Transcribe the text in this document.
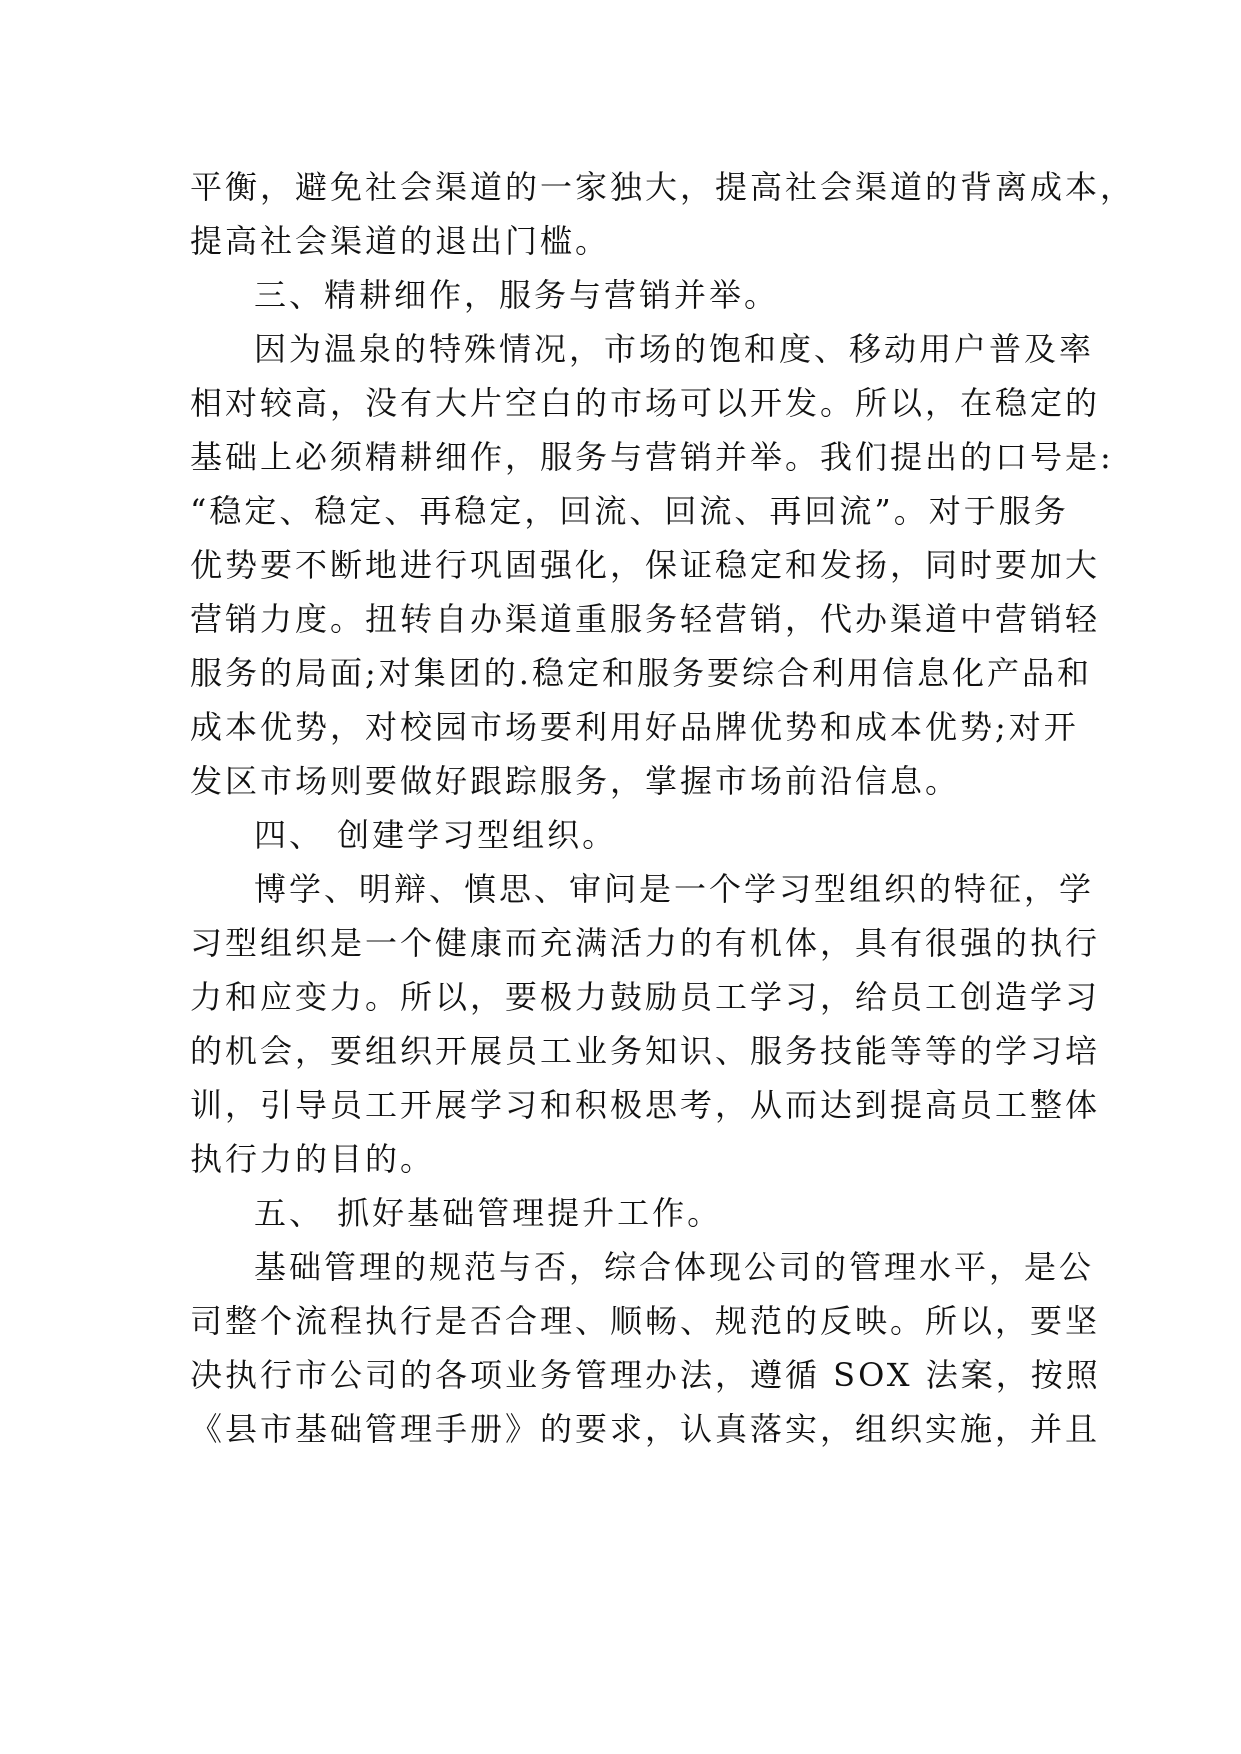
平衡，避免社会渠道的一家独大，提高社会渠道的背离成本，
提高社会渠道的退出门槛。
三、精耕细作，服务与营销并举。
因为温泉的特殊情况，市场的饱和度、移动用户普及率
相对较高，没有大片空白的市场可以开发。所以，在稳定的
基础上必须精耕细作，服务与营销并举。我们提出的口号是:
“稳定、稳定、再稳定，回流、回流、再回流”。对于服务
优势要不断地进行巩固强化，保证稳定和发扬，同时要加大
营销力度。扭转自办渠道重服务轻营销，代办渠道中营销轻
服务的局面;对集团的.稳定和服务要综合利用信息化产品和
成本优势，对校园市场要利用好品牌优势和成本优势;对开
发区市场则要做好跟踪服务，掌握市场前沿信息。
四、 创建学习型组织。
博学、明辩、慎思、审问是一个学习型组织的特征，学
习型组织是一个健康而充满活力的有机体，具有很强的执行
力和应变力。所以，要极力鼓励员工学习，给员工创造学习
的机会，要组织开展员工业务知识、服务技能等等的学习培
训，引导员工开展学习和积极思考，从而达到提高员工整体
执行力的目的。
五、 抓好基础管理提升工作。
基础管理的规范与否，综合体现公司的管理水平，是公
司整个流程执行是否合理、顺畅、规范的反映。所以，要坚
决执行市公司的各项业务管理办法，遵循 SOX 法案，按照
《县市基础管理手册》的要求，认真落实，组织实施，并且
